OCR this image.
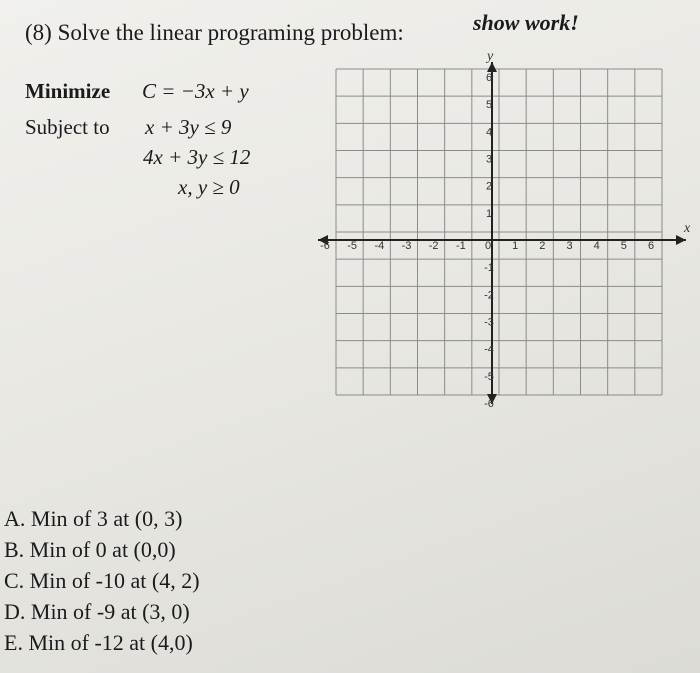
(8) Solve the linear programing problem:	show work!
Minimize C = −3x + y
Subject to x + 3y ≤ 9
4x + 3y ≤ 12
x, y ≥ 0
-6 -5 -4 -3 -2 -1 0 1 2 3 4 5 6
6
5
4
3
2
1
-1
-2
-3
-4
-5
-6
x
y
A. Min of 3 at (0, 3)
B. Min of 0 at (0,0)
C. Min of -10 at (4, 2)
D. Min of -9 at (3, 0)
E. Min of -12 at (4,0)
